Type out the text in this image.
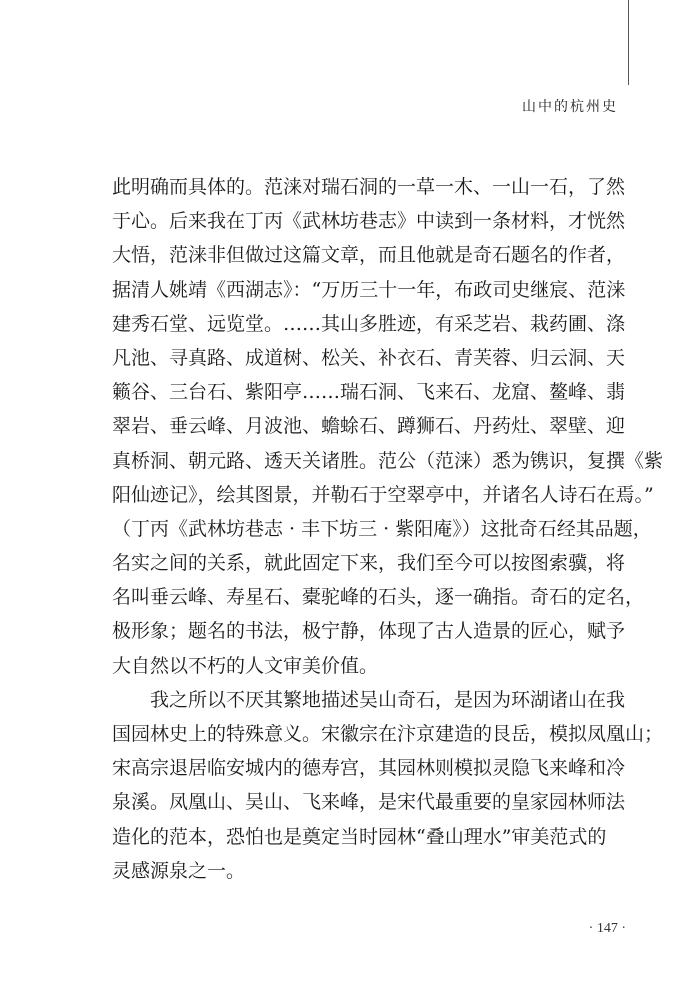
山中的杭州史
此明确而具体的。范涞对瑞石洞的一草一木、一山一石，了然
于心。后来我在丁丙《武林坊巷志》中读到一条材料，才恍然
大悟，范涞非但做过这篇文章，而且他就是奇石题名的作者，
据清人姚靖《西湖志》：“万历三十一年，布政司史继宸、范涞
建秀石堂、远览堂。……其山多胜迹，有采芝岩、栽药圃、涤
凡池、寻真路、成道树、松关、补衣石、青芙蓉、归云洞、天
籁谷、三台石、紫阳亭……瑞石洞、飞来石、龙窟、鳌峰、翡
翠岩、垂云峰、月波池、蟾蜍石、蹲狮石、丹药灶、翠壁、迎
真桥洞、朝元路、透天关诸胜。范公（范涞）悉为镌识，复撰《紫
阳仙迹记》，绘其图景，并勒石于空翠亭中，并诸名人诗石在焉。”
（丁丙《武林坊巷志 · 丰下坊三 · 紫阳庵》）这批奇石经其品题，
名实之间的关系，就此固定下来，我们至今可以按图索骥，将
名叫垂云峰、寿星石、橐驼峰的石头，逐一确指。奇石的定名，
极形象；题名的书法，极宁静，体现了古人造景的匠心，赋予
大自然以不朽的人文审美价值。
我之所以不厌其繁地描述吴山奇石，是因为环湖诸山在我
国园林史上的特殊意义。宋徽宗在汴京建造的艮岳，模拟凤凰山；
宋高宗退居临安城内的德寿宫，其园林则模拟灵隐飞来峰和冷
泉溪。凤凰山、吴山、飞来峰，是宋代最重要的皇家园林师法
造化的范本，恐怕也是奠定当时园林“叠山理水”审美范式的
灵感源泉之一。
· 147 ·
